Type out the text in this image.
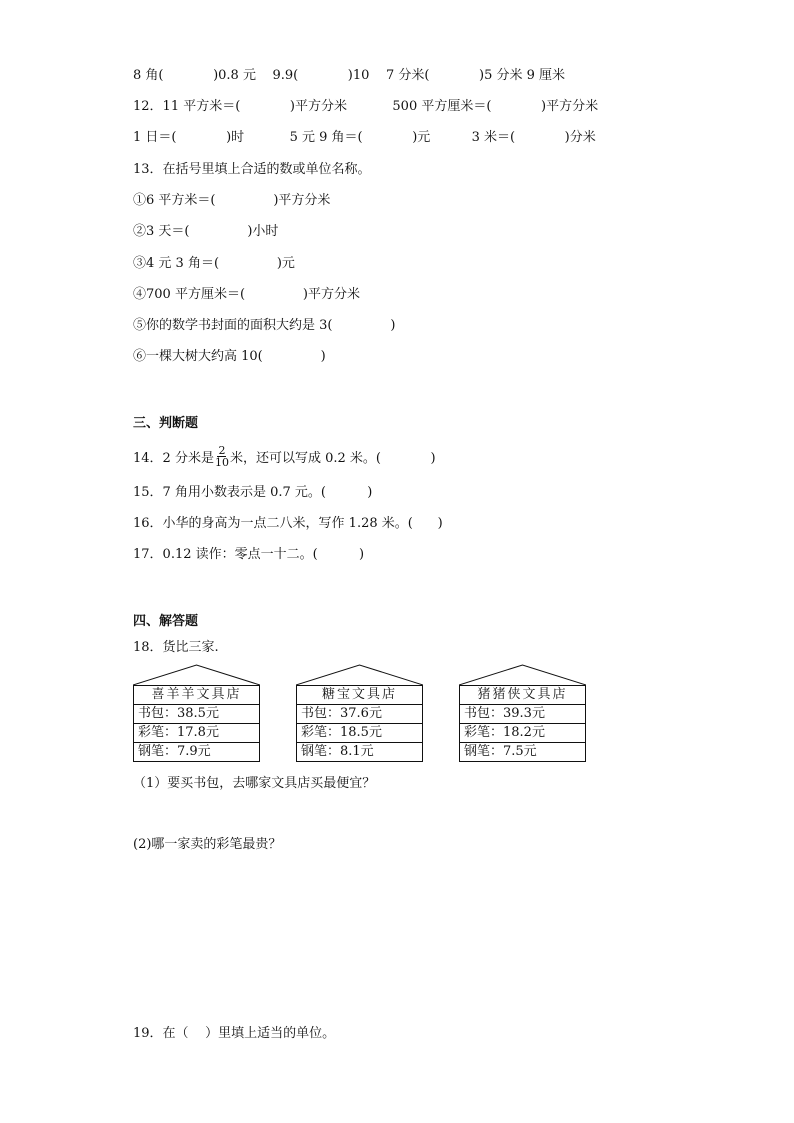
8 角(            )0.8 元    9.9(            )10    7 分米(            )5 分米 9 厘米
12．11 平方米＝(            )平方分米           500 平方厘米＝(            )平方分米
1 日＝(            )时           5 元 9 角＝(            )元          3 米＝(            )分米
13．在括号里填上合适的数或单位名称。
①6 平方米＝(              )平方分米
②3 天＝(              )小时
③4 元 3 角＝(              )元
④700 平方厘米＝(              )平方分米
⑤你的数学书封面的面积大约是 3(              )
⑥一棵大树大约高 10(              )
三、判断题
14．2 分米是 $\frac{2}{10}$ 米，还可以写成 0.2 米。(            )
15．7 角用小数表示是 0.7 元。(          )
16．小华的身高为一点二八米，写作 1.28 米。(      )
17．0.12 读作：零点一十二。(          )
四、解答题
18．货比三家.
喜羊羊文具店
书包：38.5元
彩笔：17.8元
钢笔：7.9元
糖宝文具店
书包：37.6元
彩笔：18.5元
钢笔：8.1元
猪猪侠文具店
书包：39.3元
彩笔：18.2元
钢笔：7.5元
（1）要买书包，去哪家文具店买最便宜？
(2)哪一家卖的彩笔最贵？
19．在（    ）里填上适当的单位。
